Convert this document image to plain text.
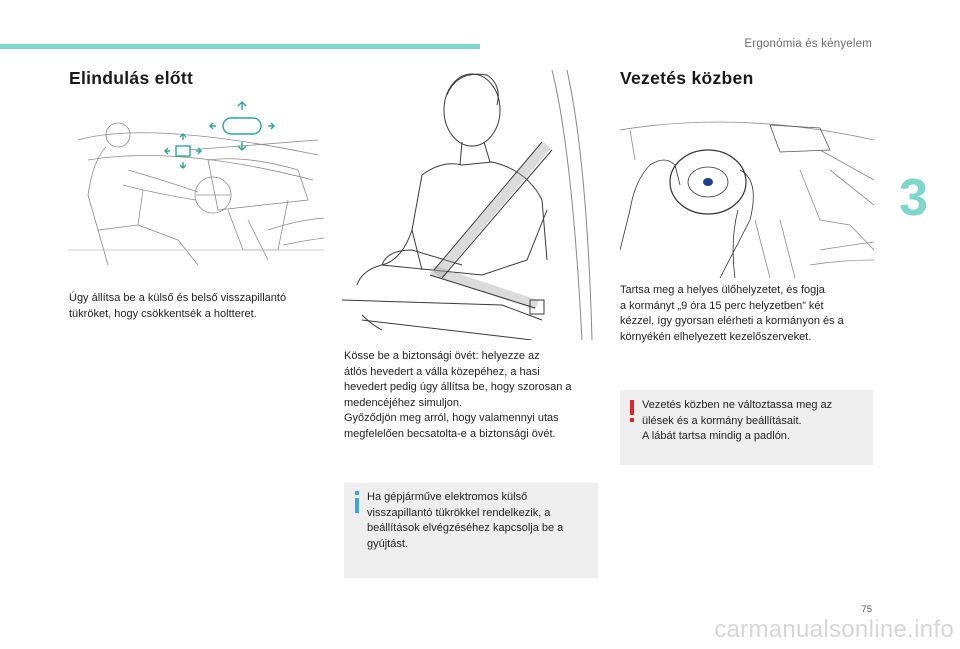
Ergonómia és kényelem
3
Elindulás előtt
Úgy állítsa be a külső és belső visszapillantó
tükröket, hogy csökkentsék a holtteret.
Kösse be a biztonsági övét: helyezze az
átlós hevedert a válla közepéhez, a hasi
hevedert pedig úgy állítsa be, hogy szorosan a
medencéjéhez simuljon.
Győződjön meg arról, hogy valamennyi utas
megfelelően becsatolta-e a biztonsági övét.
Ha gépjárműve elektromos külső
visszapillantó tükrökkel rendelkezik, a
beállítások elvégzéséhez kapcsolja be a
gyújtást.
Vezetés közben
Tartsa meg a helyes ülőhelyzetet, és fogja
a kormányt „9 óra 15 perc helyzetben” két
kézzel, így gyorsan elérheti a kormányon és a
környékén elhelyezett kezelőszerveket.
Vezetés közben ne változtassa meg az
ülések és a kormány beállításait.
A lábát tartsa mindig a padlón.
75
carmanualsonline.info
